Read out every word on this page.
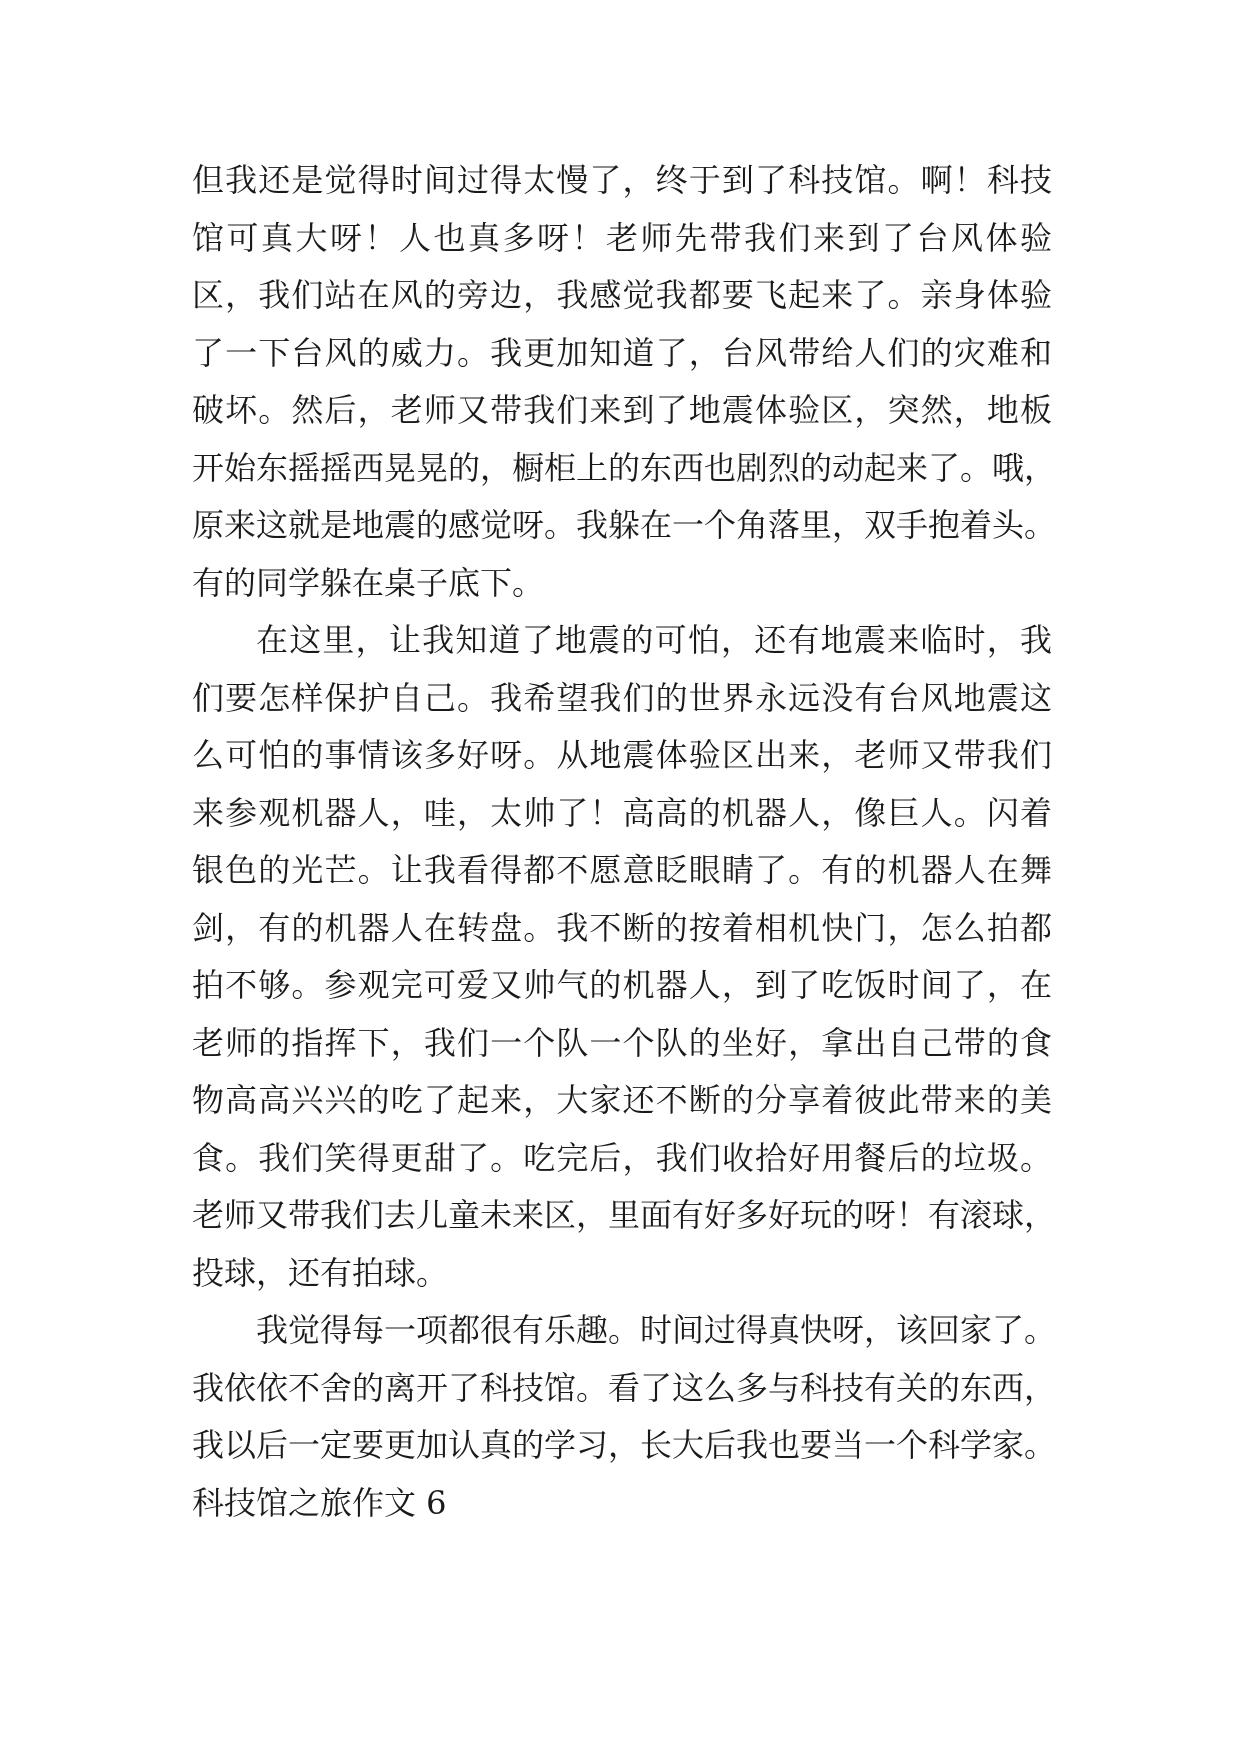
但我还是觉得时间过得太慢了，终于到了科技馆。啊！科技
馆可真大呀！人也真多呀！老师先带我们来到了台风体验
区，我们站在风的旁边，我感觉我都要飞起来了。亲身体验
了一下台风的威力。我更加知道了，台风带给人们的灾难和
破坏。然后，老师又带我们来到了地震体验区，突然，地板
开始东摇摇西晃晃的，橱柜上的东西也剧烈的动起来了。哦，
原来这就是地震的感觉呀。我躲在一个角落里，双手抱着头。
有的同学躲在桌子底下。
在这里，让我知道了地震的可怕，还有地震来临时，我
们要怎样保护自己。我希望我们的世界永远没有台风地震这
么可怕的事情该多好呀。从地震体验区出来，老师又带我们
来参观机器人，哇，太帅了！高高的机器人，像巨人。闪着
银色的光芒。让我看得都不愿意眨眼睛了。有的机器人在舞
剑，有的机器人在转盘。我不断的按着相机快门，怎么拍都
拍不够。参观完可爱又帅气的机器人，到了吃饭时间了，在
老师的指挥下，我们一个队一个队的坐好，拿出自己带的食
物高高兴兴的吃了起来，大家还不断的分享着彼此带来的美
食。我们笑得更甜了。吃完后，我们收拾好用餐后的垃圾。
老师又带我们去儿童未来区，里面有好多好玩的呀！有滚球，
投球，还有拍球。
我觉得每一项都很有乐趣。时间过得真快呀，该回家了。
我依依不舍的离开了科技馆。看了这么多与科技有关的东西，
我以后一定要更加认真的学习，长大后我也要当一个科学家。
科技馆之旅作文 6
